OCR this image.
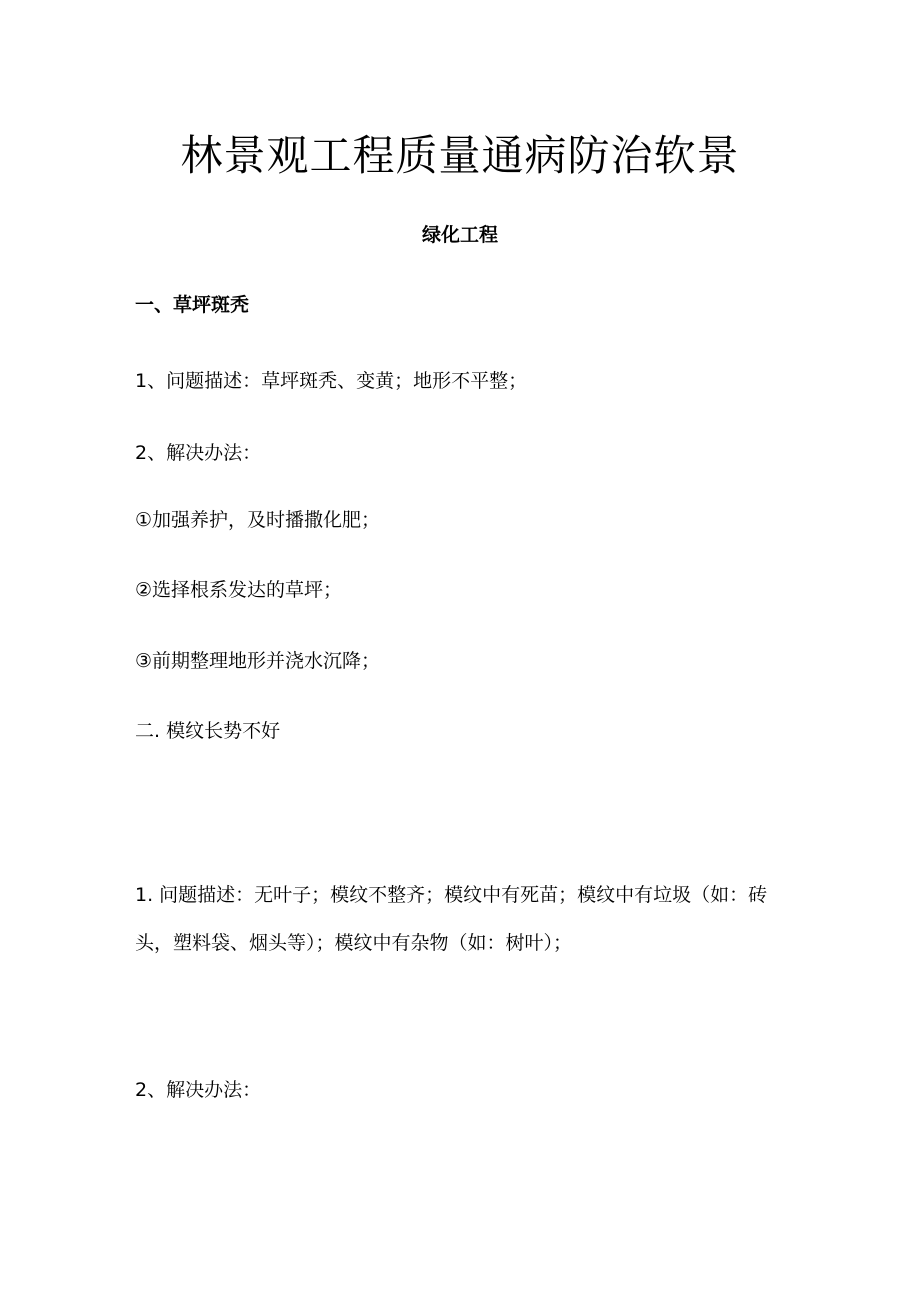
林景观工程质量通病防治软景
绿化工程
一、草坪斑秃
1、问题描述：草坪斑秃、变黄；地形不平整；
2、解决办法：
①加强养护，及时播撒化肥；
②选择根系发达的草坪；
③前期整理地形并浇水沉降；
二. 模纹长势不好
1. 问题描述：无叶子；模纹不整齐；模纹中有死苗；模纹中有垃圾（如：砖头，塑料袋、烟头等）；模纹中有杂物（如：树叶）；
2、解决办法：
